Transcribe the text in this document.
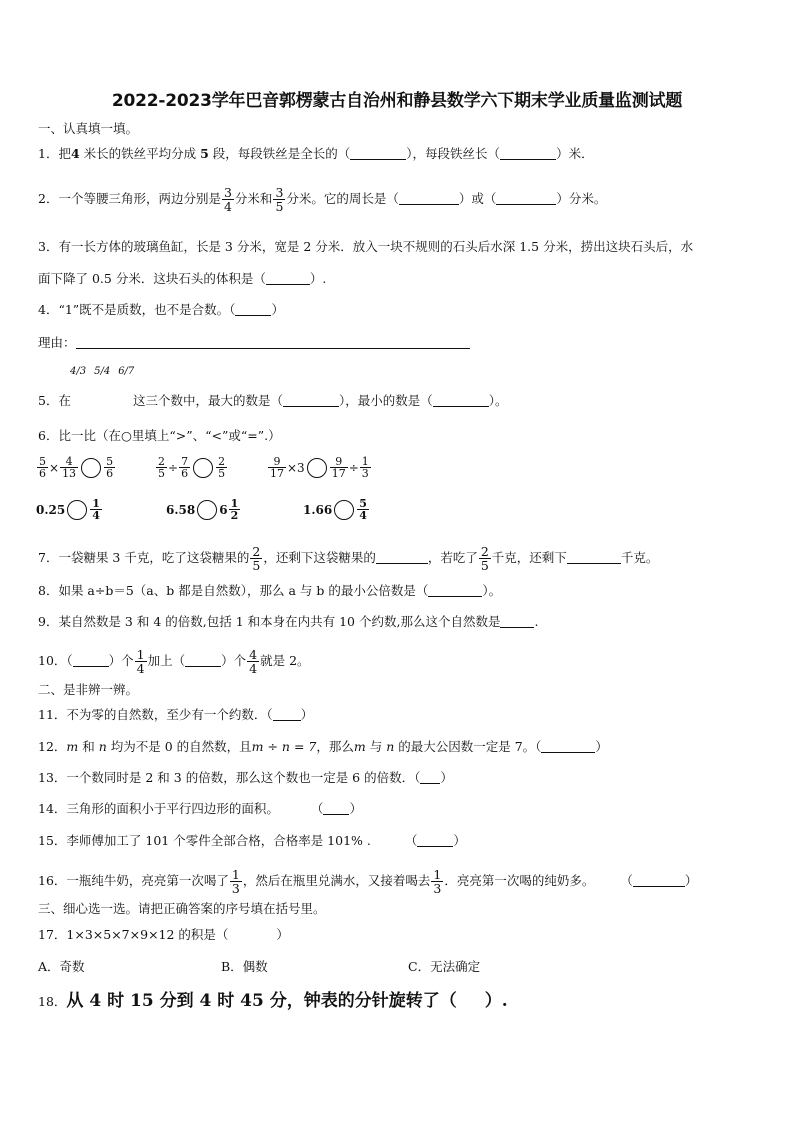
2022-2023学年巴音郭楞蒙古自治州和静县数学六下期末学业质量监测试题
一、认真填一填。
1．把4 米长的铁丝平均分成 5 段，每段铁丝是全长的（	），每段铁丝长（	）米．
2．一个等腰三角形，两边分别是 $\frac{3}{4}$ 分米和 $\frac{3}{5}$ 分米。它的周长是（	）或（	）分米。
3．有一长方体的玻璃鱼缸，长是 3 分米，宽是 2 分米．放入一块不规则的石头后水深 1.5 分米，捞出这块石头后，水
面下降了 0.5 分米．这块石头的体积是（	）.
4．“1”既不是质数，也不是合数。（	）
理由：
4/3 5/4 6/7
5．在	这三个数中，最大的数是（	），最小的数是（	）。
6．比一比（在○里填上“>”、“<”或“=”.）
$\frac{5}{6} \times \frac{4}{13} \frac{5}{6}$	$\frac{2}{5} \div \frac{7}{6} \frac{2}{5}$	$\frac{9}{17} \times 3 \frac{9}{17} \div \frac{1}{3}$
$0.25 \frac{1}{4}$	6.58 $6 \frac{1}{2}$	$1.66 \frac{5}{4}$
7．一袋糖果 3 千克，吃了这袋糖果的 $\frac{2}{5}$ ，还剩下这袋糖果的	，若吃了 $\frac{2}{5}$ 千克，还剩下	千克。
8．如果 a÷b＝5（a、b 都是自然数），那么 a 与 b 的最小公倍数是（	）。
9．某自然数是 3 和 4 的倍数,包括 1 和本身在内共有 10 个约数,那么这个自然数是	.
10．（	）个 $\frac{1}{4}$ 加上（	）个 $\frac{4}{4}$ 就是 2。
二、是非辨一辨。
11．不为零的自然数，至少有一个约数．（ ）
12．m 和 n 均为不是 0 的自然数，且m ÷ n = 7，那么m 与 n 的最大公因数一定是 7。（	）
13．一个数同时是 2 和 3 的倍数，那么这个数也一定是 6 的倍数．（ ）
14．三角形的面积小于平行四边形的面积。	（ ）
15．李师傅加工了 101 个零件全部合格，合格率是 101% .	（	）
16．一瓶纯牛奶，亮亮第一次喝了 $\frac{1}{3}$ ，然后在瓶里兑满水，又接着喝去 $\frac{1}{3}$ ．亮亮第一次喝的纯奶多。 （	）
三、细心选一选。请把正确答案的序号填在括号里。
17．1×3×5×7×9×12 的积是（	）
A．奇数	B．偶数	C．无法确定
18．从 4 时 15 分到 4 时 45 分，钟表的分针旋转了（ ）.
